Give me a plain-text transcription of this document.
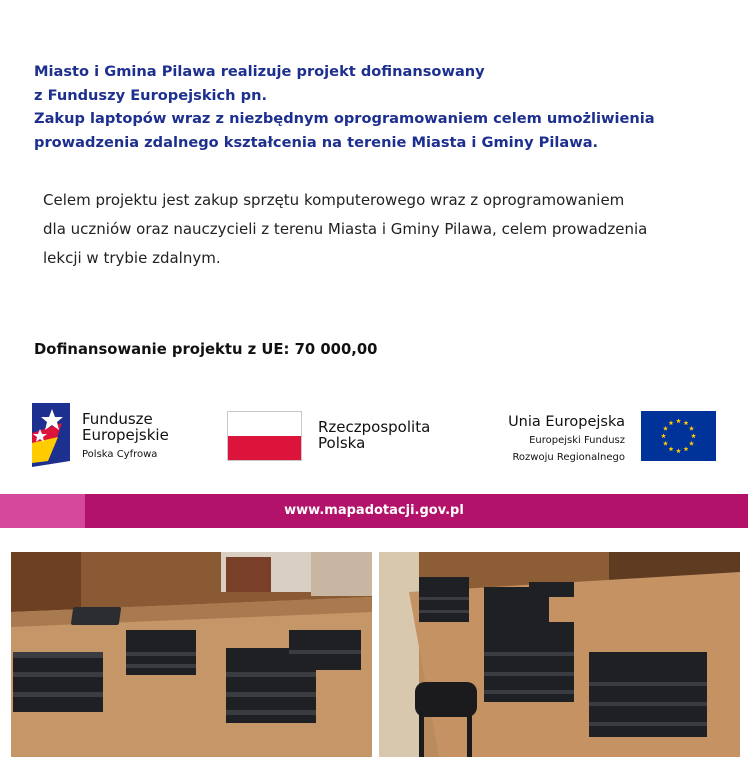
Miasto i Gmina Pilawa realizuje projekt dofinansowany
z Funduszy Europejskich pn.
Zakup laptopów wraz z niezbędnym oprogramowaniem celem umożliwienia
prowadzenia zdalnego kształcenia na terenie Miasta i Gminy Pilawa.
Celem projektu jest zakup sprzętu komputerowego wraz z oprogramowaniem
dla uczniów oraz nauczycieli z terenu Miasta i Gminy Pilawa, celem prowadzenia
lekcji w trybie zdalnym.
Dofinansowanie projektu z UE: 70 000,00
Fundusze
Europejskie
Polska Cyfrowa
Rzeczpospolita
Polska
Unia Europejska
Europejski Fundusz
Rozwoju Regionalnego
www.mapadotacji.gov.pl
